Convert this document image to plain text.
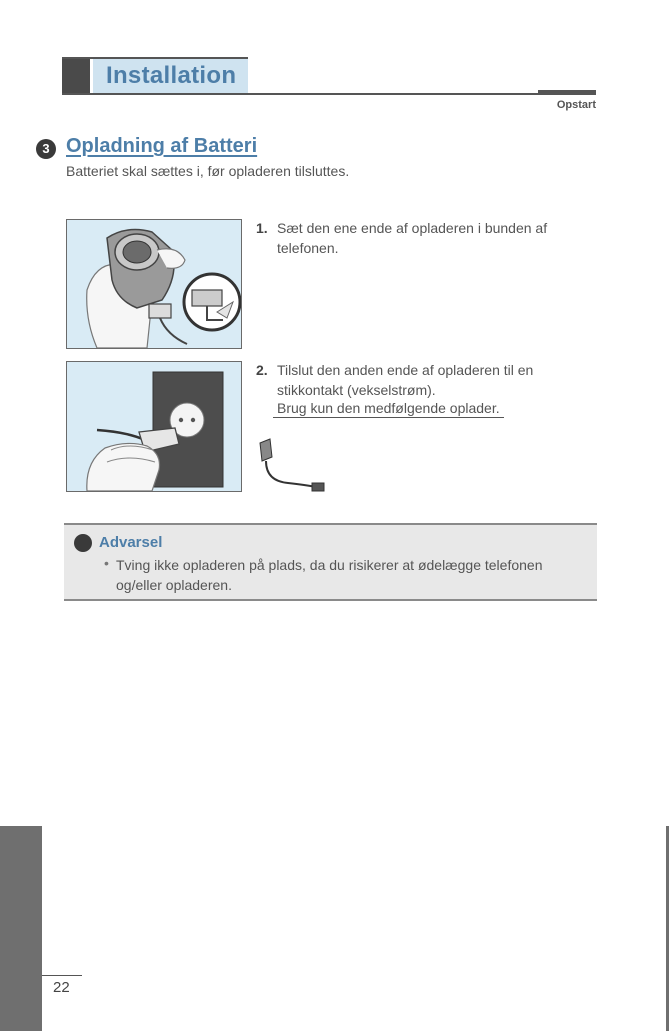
Installation
Opstart
3 Opladning af Batteri
Batteriet skal sættes i, før opladeren tilsluttes.
1. Sæt den ene ende af opladeren i bunden af telefonen.
2. Tilslut den anden ende af opladeren til en stikkontakt (vekselstrøm).
Brug kun den medfølgende oplader.
Advarsel
• Tving ikke opladeren på plads, da du risikerer at ødelægge telefonen og/eller opladeren.
22
